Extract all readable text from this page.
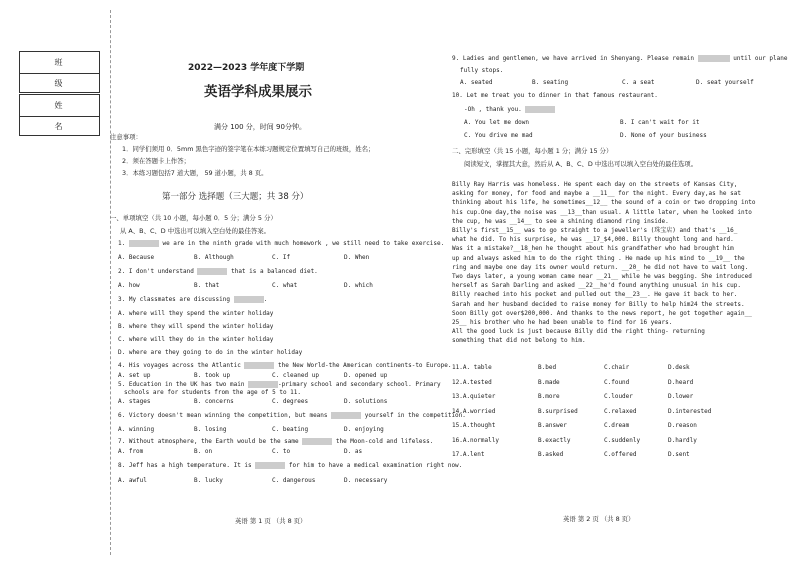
班 级
姓 名
2022—2023 学年度下学期
英语学科成果展示
满分 100 分，时间 90分钟。
注意事项：
1．同学们须用 0．5mm 黑色字迹的签字笔在本练习题规定位置填写自己的班级，姓名；
2．须在答题卡上作答；
3．本练习题包括7 道大题， 59 道小题，共 8 页。
第一部分 选择题（三大题；共 38 分）
一、单项填空（共 10 小题，每小题 0．5 分；满分 5 分）
从 A、B、C、D 中选出可以填入空白处的最佳答案。
1.	we are in the ninth grade with much homework , we still need to take exercise.
A. Because	B. Although	C. If	D. When
2. I don't understand	that is a balanced diet.
A. how	B. that	C. what	D. which
3. My classmates are discussing	.
A. where will they spend the winter holiday
B. where they will spend the winter holiday
C. where will they do in the winter holiday
D. where are they going to do in the winter holiday
4. His voyages across the Atlantic	the New World-the American continents-to Europe.
A. set up	B. took up	C. cleaned up	D. opened up
5. Education in the UK has two main	-primary school and secondary school. Primary
schools are for students from the age of 5 to 11.
A. stages	B. concerns	C. degrees	D. solutions
6. Victory doesn't mean winning the competition, but means	yourself in the competition.
A. winning	B. losing	C. beating	D. enjoying
7. Without atmosphere, the Earth would be the same	the Moon-cold and lifeless.
A. from	B. on	C. to	D. as
8. Jeff has a high temperature. It is	for him to have a medical examination right now.
A. awful	B. lucky	C. dangerous	D. necessary
英语 第 1 页 （共 8 页）
9. Ladies and gentlemen, we have arrived in Shenyang. Please remain	until our plane
fully stops.
A. seated	B. seating	C. a seat	D. seat yourself
10. Let me treat you to dinner in that famous restaurant.
-Oh , thank you.
A. You let me down	B. I can't wait for it
C. You drive me mad	D. None of your business
二、完形填空（共 15 小题，每小题 1 分；满分 15 分）
阅读短文，掌握其大意，然后从 A、B、C、D 中选出可以填入空白处的最佳选项。
Billy Ray Harris was homeless. He spent each day on the streets of Kansas City,
asking for money, for food and maybe a __11__ for the night. Every day,as he sat
thinking about his life, he sometimes__12__ the sound of a coin or two dropping into
his cup.One day,the noise was __13__than usual. A little later, when he looked into
the cup, he was __14__ to see a shining diamond ring inside.
Billy's first__15__ was to go straight to a jeweller's (珠宝店) and that's __16_
what he did. To his surprise, he was __17_$4,000. Billy thought long and hard.
Was it a mistake?__18_hen he thought about his grandfather who had brought him
up and always asked him to do the right thing . He made up his mind to __19__ the
ring and maybe one day its owner would return. __20_ he did not have to wait long.
Two days later, a young woman came near __21__ while he was begging. She introduced
herself as Sarah Darling and asked __22__he'd found anything unusual in his cup.
Billy reached into his pocket and pulled out the__23__. He gave it back to her.
Sarah and her husband decided to raise money for Billy to help him24 the streets.
Soon Billy got over$200,000. And thanks to the news report, he got together again__
25__ his brother who he had been unable to find for 16 years.
All the good luck is just because Billy did the right thing- returning
something that did not belong to him.
11.A. table	B.bed	C.chair	D.desk
12.A.tested	B.made	C.found	D.heard
13.A.quieter	B.more	C.louder	D.lower
14.A.worried	B.surprised	C.relaxed	D.interested
15.A.thought	B.answer	C.dream	D.reason
16.A.normally	B.exactly	C.suddenly	D.hardly
17.A.lent	B.asked	C.offered	D.sent
英语 第 2 页 （共 8 页）
